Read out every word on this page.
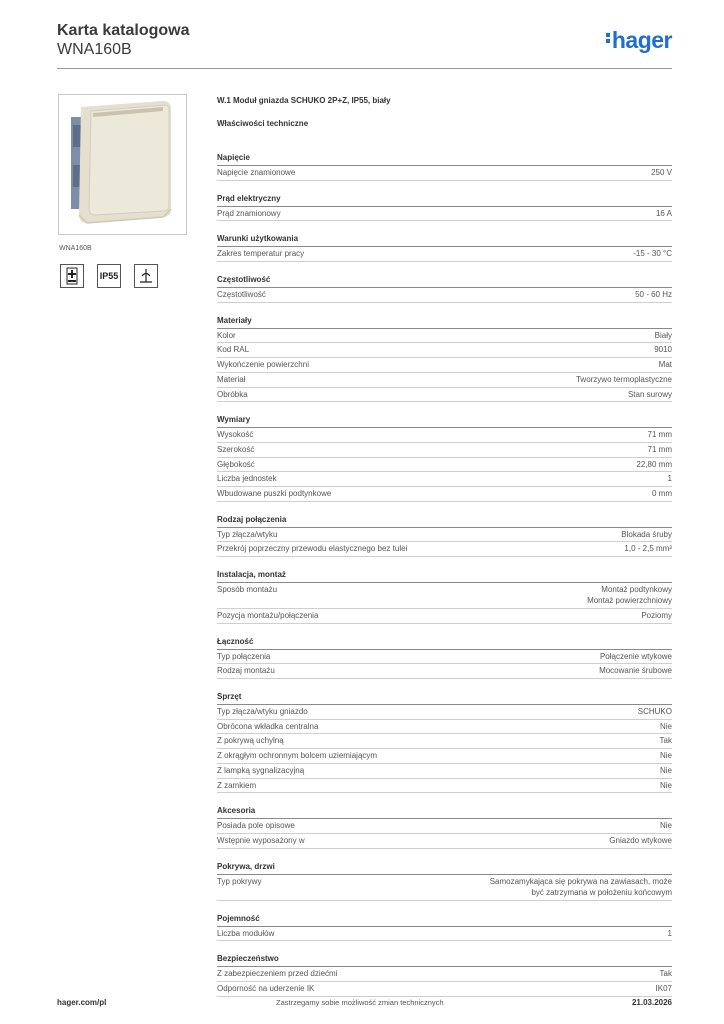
Karta katalogowa
WNA160B	hager
WNA160B
IP55
W.1 Moduł gniazda SCHUKO 2P+Z, IP55, biały
Właściwości techniczne
Napięcie
Napięcie znamionowe	250 V
Prąd elektryczny
Prąd znamionowy	16 A
Warunki użytkowania
Zakres temperatur pracy	-15 - 30 °C
Częstotliwość
Częstotliwość	50 - 60 Hz
Materiały
Kolor	Biały
Kod RAL	9010
Wykończenie powierzchni	Mat
Materiał	Tworzywo termoplastyczne
Obróbka	Stan surowy
Wymiary
Wysokość	71 mm
Szerokość	71 mm
Głębokość	22,80 mm
Liczba jednostek	1
Wbudowane puszki podtynkowe	0 mm
Rodzaj połączenia
Typ złącza/wtyku	Blokada śruby
Przekrój poprzeczny przewodu elastycznego bez tulei	1,0 - 2,5 mm²
Instalacja, montaż
Sposób montażu	Montaż podtynkowy
Montaż powierzchniowy
Pozycja montażu/połączenia	Poziomy
Łączność
Typ połączenia	Połączenie wtykowe
Rodzaj montażu	Mocowanie śrubowe
Sprzęt
Typ złącza/wtyku gniazdo	SCHUKO
Obrócona wkładka centralna	Nie
Z pokrywą uchylną	Tak
Z okrągłym ochronnym bolcem uziemiającym	Nie
Z lampką sygnalizacyjną	Nie
Z zamkiem	Nie
Akcesoria
Posiada pole opisowe	Nie
Wstępnie wyposażony w	Gniazdo wtykowe
Pokrywa, drzwi
Typ pokrywy	Samozamykająca się pokrywa na zawiasach, może
być zatrzymana w położeniu końcowym
Pojemność
Liczba modułów	1
Bezpieczeństwo
Z zabezpieczeniem przed dziećmi	Tak
Odporność na uderzenie IK	IK07
hager.com/pl	Zastrzegamy sobie możliwość zmian technicznych	21.03.2026
